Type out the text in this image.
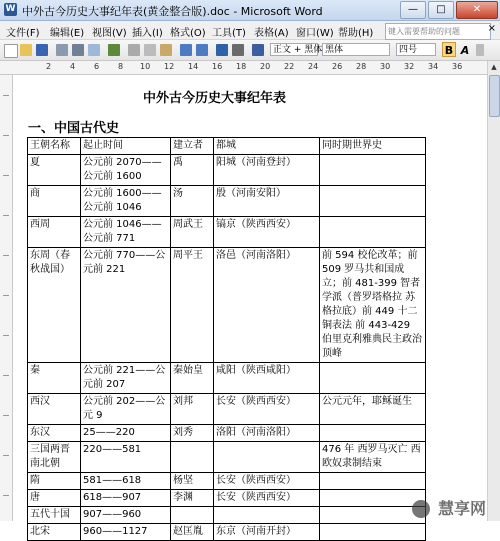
W 中外古今历史大事纪年表(黄金整合版).doc - Microsoft Word	—	□	✕
文件(F) 编辑(E) 视图(V) 插入(I) 格式(O) 工具(T) 表格(A) 窗口(W) 帮助(H)
键入需要帮助的问题	×
正文 + 黑体 黑体	四号	B A
2 4 6 8 10 12 14 16 18 20 22 24 26 28 30 32 34 36
中外古今历史大事纪年表
一、中国古代史
王朝名称	起止时间	建立者	都城	同时期世界史
夏	公元前 2070——公元前 1600	禹	阳城（河南登封）	
商	公元前 1600——公元前 1046	汤	殷（河南安阳）	
西周	公元前 1046——公元前 771	周武王	镐京（陕西西安）	
东周（春秋战国）	公元前 770——公元前 221	周平王	洛邑（河南洛阳）	前 594 校伦改革；前 509 罗马共和国成立；前 481-399 智者学派（普罗塔格拉 苏格拉底）前 449 十二铜表法 前 443-429 伯里克利雅典民主政治顶峰
秦	公元前 221——公元前 207	秦始皇	咸阳（陕西咸阳）	
西汉	公元前 202——公元 9	刘邦	长安（陕西西安）	公元元年，耶稣诞生
东汉	25——220	刘秀	洛阳（河南洛阳）	
三国两晋南北朝	220——581			476 年 西罗马灭亡 西欧奴隶制结束
隋	581——618	杨坚	长安（陕西西安）	
唐	618——907	李渊	长安（陕西西安）	
五代十国	907——960			
北宋	960——1127	赵匡胤	东京（河南开封）	
▲
慧享网
